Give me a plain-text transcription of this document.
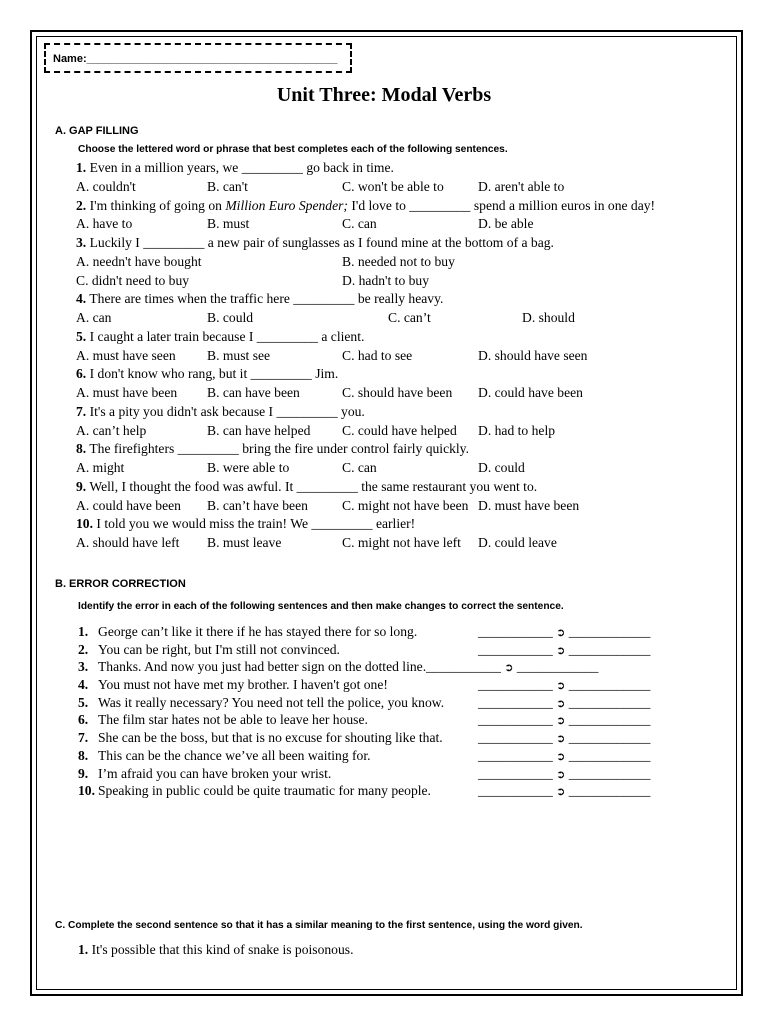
Name:_________________________________________
Unit Three: Modal Verbs
A. GAP FILLING
Choose the lettered word or phrase that best completes each of the following sentences.
1. Even in a million years, we _________ go back in time.
A. couldn't	B. can't	C. won't be able to	D. aren't able to
2. I'm thinking of going on Million Euro Spender; I'd love to _________ spend a million euros in one day!
A. have to	B. must	C. can	D. be able
3. Luckily I _________ a new pair of sunglasses as I found mine at the bottom of a bag.
A. needn't have bought	B. needed not to buy
C. didn't need to buy	D. hadn't to buy
4. There are times when the traffic here _________ be really heavy.
A. can	B. could	C. can’t	D. should
5. I caught a later train because I _________ a client.
A. must have seen B. must see	C. had to see	D. should have seen
6. I don't know who rang, but it _________ Jim.
A. must have been B. can have been	C. should have been D. could have been
7. It's a pity you didn't ask because I _________ you.
A. can’t help	B. can have helped C. could have helped D. had to help
8. The firefighters _________ bring the fire under control fairly quickly.
A. might	B. were able to	C. can	D. could
9. Well, I thought the food was awful. It _________ the same restaurant you went to.
A. could have been B. can’t have been	C. might not have been D. must have been
10. I told you we would miss the train! We _________ earlier!
A. should have left B. must leave	C. might not have left D. could leave
B. ERROR CORRECTION
Identify the error in each of the following sentences and then make changes to correct the sentence.
1. George can’t like it there if he has stayed there for so long.	___________ ➲ ____________
2. You can be right, but I'm still not convinced.	___________ ➲ ____________
3. Thanks. And now you just had better sign on the dotted line.___________ ➲ ____________
4. You must not have met my brother. I haven't got one!	___________ ➲ ____________
5. Was it really necessary? You need not tell the police, you know. ___________ ➲ ____________
6. The film star hates not be able to leave her house.	___________ ➲ ____________
7. She can be the boss, but that is no excuse for shouting like that.	___________ ➲ ____________
8. This can be the chance we’ve all been waiting for.	___________ ➲ ____________
9. I’m afraid you can have broken your wrist.	___________ ➲ ____________
10. Speaking in public could be quite traumatic for many people.	___________ ➲ ____________
C. Complete the second sentence so that it has a similar meaning to the first sentence, using the word given.
1. It's possible that this kind of snake is poisonous.
